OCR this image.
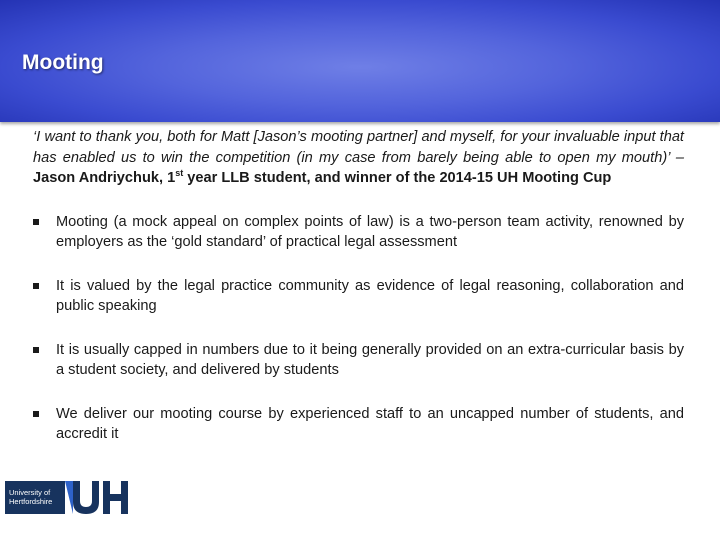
Mooting

‘I want to thank you, both for Matt [Jason’s mooting partner] and myself, for your invaluable input that has enabled us to win the competition (in my case from barely being able to open my mouth)’ – Jason Andriychuk, 1st year LLB student, and winner of the 2014-15 UH Mooting Cup

Mooting (a mock appeal on complex points of law) is a two-person team activity, renowned by employers as the ‘gold standard’ of practical legal assessment
It is valued by the legal practice community as evidence of legal reasoning, collaboration and public speaking
It is usually capped in numbers due to it being generally provided on an extra-curricular basis by a student society, and delivered by students
We deliver our mooting course by experienced staff to an uncapped number of students, and accredit it
University of
Hertfordshire
